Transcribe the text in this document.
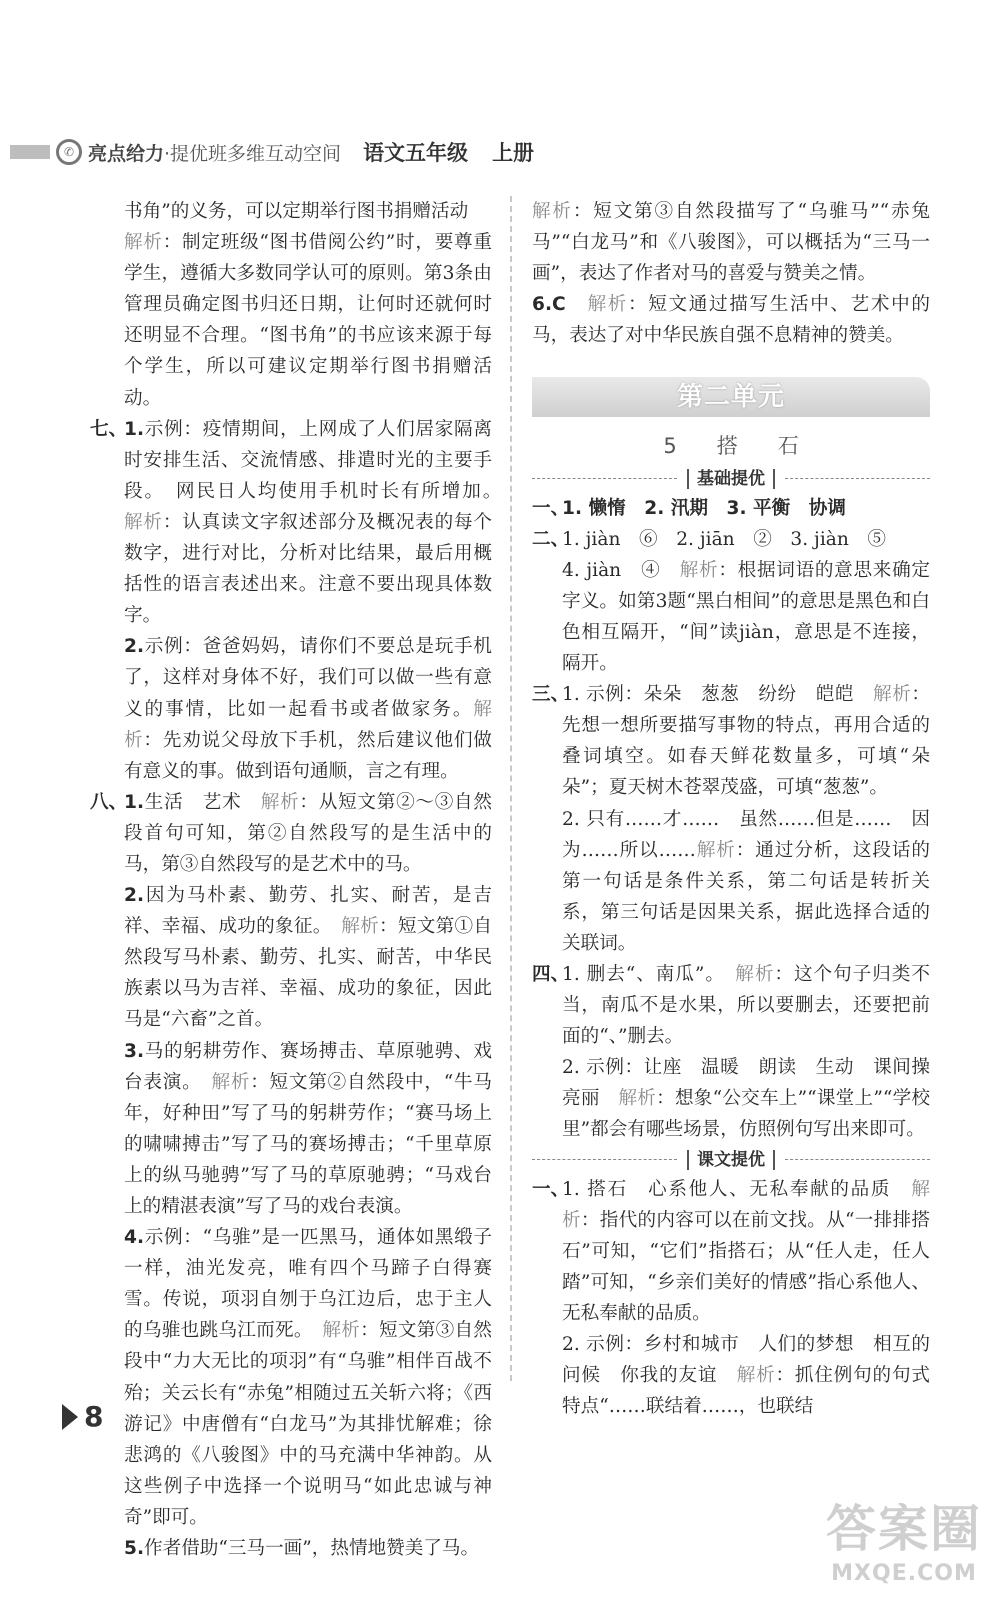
✆ 亮点给力 ·提优班多维互动空间 语文五年级 上册

书角”的义务，可以定期举行图书捐赠活动

解析：制定班级“图书借阅公约”时，要尊重学生，遵循大多数同学认可的原则。第3条由管理员确定图书归还日期，让何时还就何时还明显不合理。“图书角”的书应该来源于每个学生，所以可建议定期举行图书捐赠活动。

七、1.示例：疫情期间，上网成了人们居家隔离时安排生活、交流情感、排遣时光的主要手段。　网民日人均使用手机时长有所增加。　解析：认真读文字叙述部分及概况表的每个数字，进行对比，分析对比结果，最后用概括性的语言表述出来。注意不要出现具体数字。

2.示例：爸爸妈妈，请你们不要总是玩手机了，这样对身体不好，我们可以做一些有意义的事情，比如一起看书或者做家务。解析：先劝说父母放下手机，然后建议他们做有意义的事。做到语句通顺，言之有理。

八、1.生活　艺术　 解析：从短文第②～③自然段首句可知，第②自然段写的是生活中的马，第③自然段写的是艺术中的马。

2.因为马朴素、勤劳、扎实、耐苦，是吉祥、幸福、成功的象征。　 解析：短文第①自然段写马朴素、勤劳、扎实、耐苦，中华民族素以马为吉祥、幸福、成功的象征，因此马是“六畜”之首。

3.马的躬耕劳作、赛场搏击、草原驰骋、戏台表演。　 解析：短文第②自然段中，“牛马年，好种田”写了马的躬耕劳作；“赛马场上的啸啸搏击”写了马的赛场搏击；“千里草原上的纵马驰骋”写了马的草原驰骋；“马戏台上的精湛表演”写了马的戏台表演。

4.示例：“乌骓”是一匹黑马，通体如黑缎子一样，油光发亮，唯有四个马蹄子白得赛雪。传说，项羽自刎于乌江边后，忠于主人的乌骓也跳乌江而死。　 解析：短文第③自然段中“力大无比的项羽”有“乌骓”相伴百战不殆；关云长有“赤兔”相随过五关斩六将；《西游记》中唐僧有“白龙马”为其排忧解难；徐悲鸿的《八骏图》中的马充满中华神韵。从这些例子中选择一个说明马“如此忠诚与神奇”即可。

5.作者借助“三马一画”，热情地赞美了马。

解析：短文第③自然段描写了“乌骓马”“赤兔马”“白龙马”和《八骏图》，可以概括为“三马一画”，表达了作者对马的喜爱与赞美之情。

6.C　 解析：短文通过描写生活中、艺术中的马，表达了对中华民族自强不息精神的赞美。

第二单元
5 搭 石
基础提优

一、1. 懒惰　2. 汛期　3. 平衡　协调

二、1. jiàn　⑥　2. jiān　②　3. jiàn　⑤

4. jiàn　④　 解析：根据词语的意思来确定字义。如第3题“黑白相间”的意思是黑色和白色相互隔开，“间”读jiàn，意思是不连接，隔开。

三、1. 示例：朵朵　葱葱　纷纷　皑皑　 解析：先想一想所要描写事物的特点，再用合适的叠词填空。如春天鲜花数量多，可填“朵朵”；夏天树木苍翠茂盛，可填“葱葱”。

2. 只有……才……　虽然……但是……　因为……所以……解析：通过分析，这段话的第一句话是条件关系，第二句话是转折关系，第三句话是因果关系，据此选择合适的关联词。

四、1. 删去“、南瓜”。　 解析：这个句子归类不当，南瓜不是水果，所以要删去，还要把前面的“、”删去。

2. 示例：让座　温暖　朗读　生动　课间操　亮丽　 解析：想象“公交车上”“课堂上”“学校里”都会有哪些场景，仿照例句写出来即可。

课文提优

一、1. 搭石　心系他人、无私奉献的品质　 解析：指代的内容可以在前文找。从“一排排搭石”可知，“它们”指搭石；从“任人走，任人踏”可知，“乡亲们美好的情感”指心系他人、无私奉献的品质。

2. 示例：乡村和城市　人们的梦想　相互的问候　你我的友谊　 解析：抓住例句的句式特点“……联结着……，也联结

8
答案圈
MXQE.COM
